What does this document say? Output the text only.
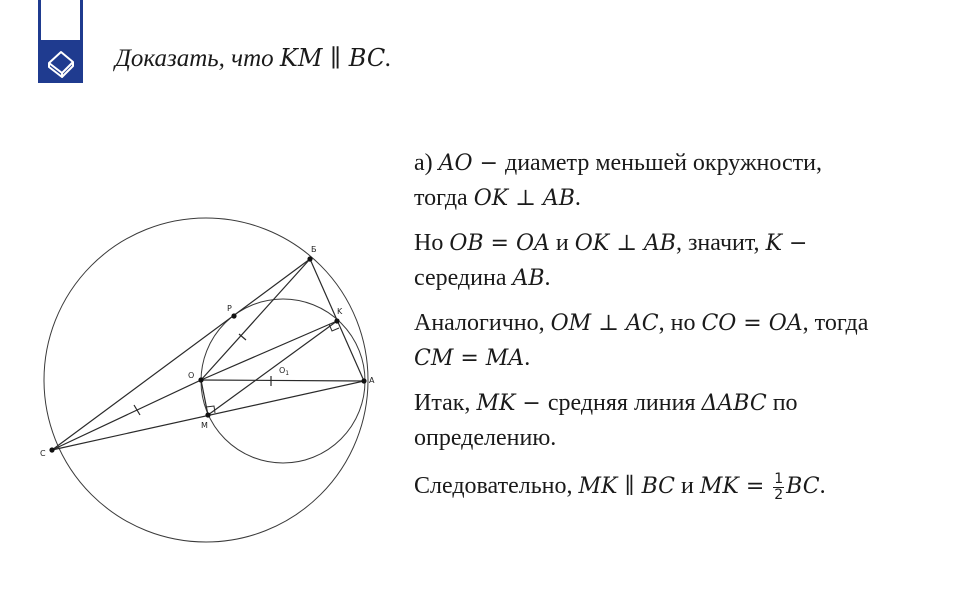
Доказать, что KM ∥ BC.
A
Б
C
O
$O_1$
K
M
P

а) AO − диаметр меньшей окружности,
тогда OK ⊥ AB.

Но OB = OA и OK ⊥ AB, значит, K −
середина AB.

Аналогично, OM ⊥ AC, но CO = OA, тогда
CM = MA.

Итак, MK − средняя линия ΔABC по
определению.

Следовательно, MK ∥ BC и MK = $\frac{1}{2}$ BC.
